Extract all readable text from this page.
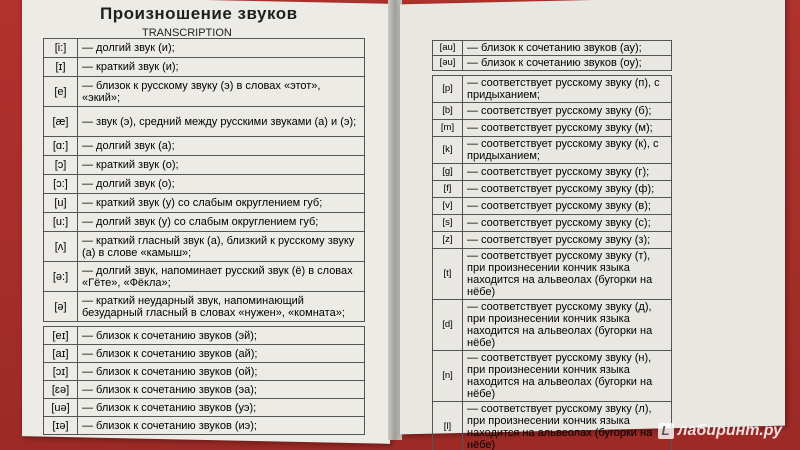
Произношение звуков
TRANSCRIPTION
[i:]	— долгий звук (и);
[ɪ]	— краткий звук (и);
[e]	— близок к русскому звуку (э) в словах «этот», «экий»;
[æ]	— звук (э), средний между русскими звуками (а) и (э);
[ɑ:]	— долгий звук (а);
[ɔ]	— краткий звук (о);
[ɔ:]	— долгий звук (о);
[u]	— краткий звук (у) со слабым округлением губ;
[u:]	— долгий звук (у) со слабым округлением губ;
[ʌ]	— краткий гласный звук (а), близкий к русскому звуку (а) в слове «камыш»;
[ə:]	— долгий звук, напоминает русский звук (ё) в словах «Гёте», «Фёкла»;
[ə]	— краткий неударный звук, напоминающий безударный гласный в словах «нужен», «комната»;
[eɪ]	— близок к сочетанию звуков (эй);
[aɪ]	— близок к сочетанию звуков (ай);
[ɔɪ]	— близок к сочетанию звуков (ой);
[ɛə]	— близок к сочетанию звуков (эа);
[uə]	— близок к сочетанию звуков (уэ);
[ɪə]	— близок к сочетанию звуков (иэ);
[au]	— близок к сочетанию звуков (ау);
[əu]	— близок к сочетанию звуков (оу);
[p]	— соответствует русскому звуку (п), с придыханием;
[b]	— соответствует русскому звуку (б);
[m]	— соответствует русскому звуку (м);
[k]	— соответствует русскому звуку (к), с придыханием;
[g]	— соответствует русскому звуку (г);
[f]	— соответствует русскому звуку (ф);
[v]	— соответствует русскому звуку (в);
[s]	— соответствует русскому звуку (с);
[z]	— соответствует русскому звуку (з);
[t]	— соответствует русскому звуку (т), при произнесении кончик языка находится на альвеолах (бугорки на нёбе)
[d]	— соответствует русскому звуку (д), при произнесении кончик языка находится на альвеолах (бугорки на нёбе)
[n]	— соответствует русскому звуку (н), при произнесении кончик языка находится на альвеолах (бугорки на нёбе)
[l]	— соответствует русскому звуку (л), при произнесении кончик языка находится на альвеолах (бугорки на нёбе)
L лабиринт.ру
